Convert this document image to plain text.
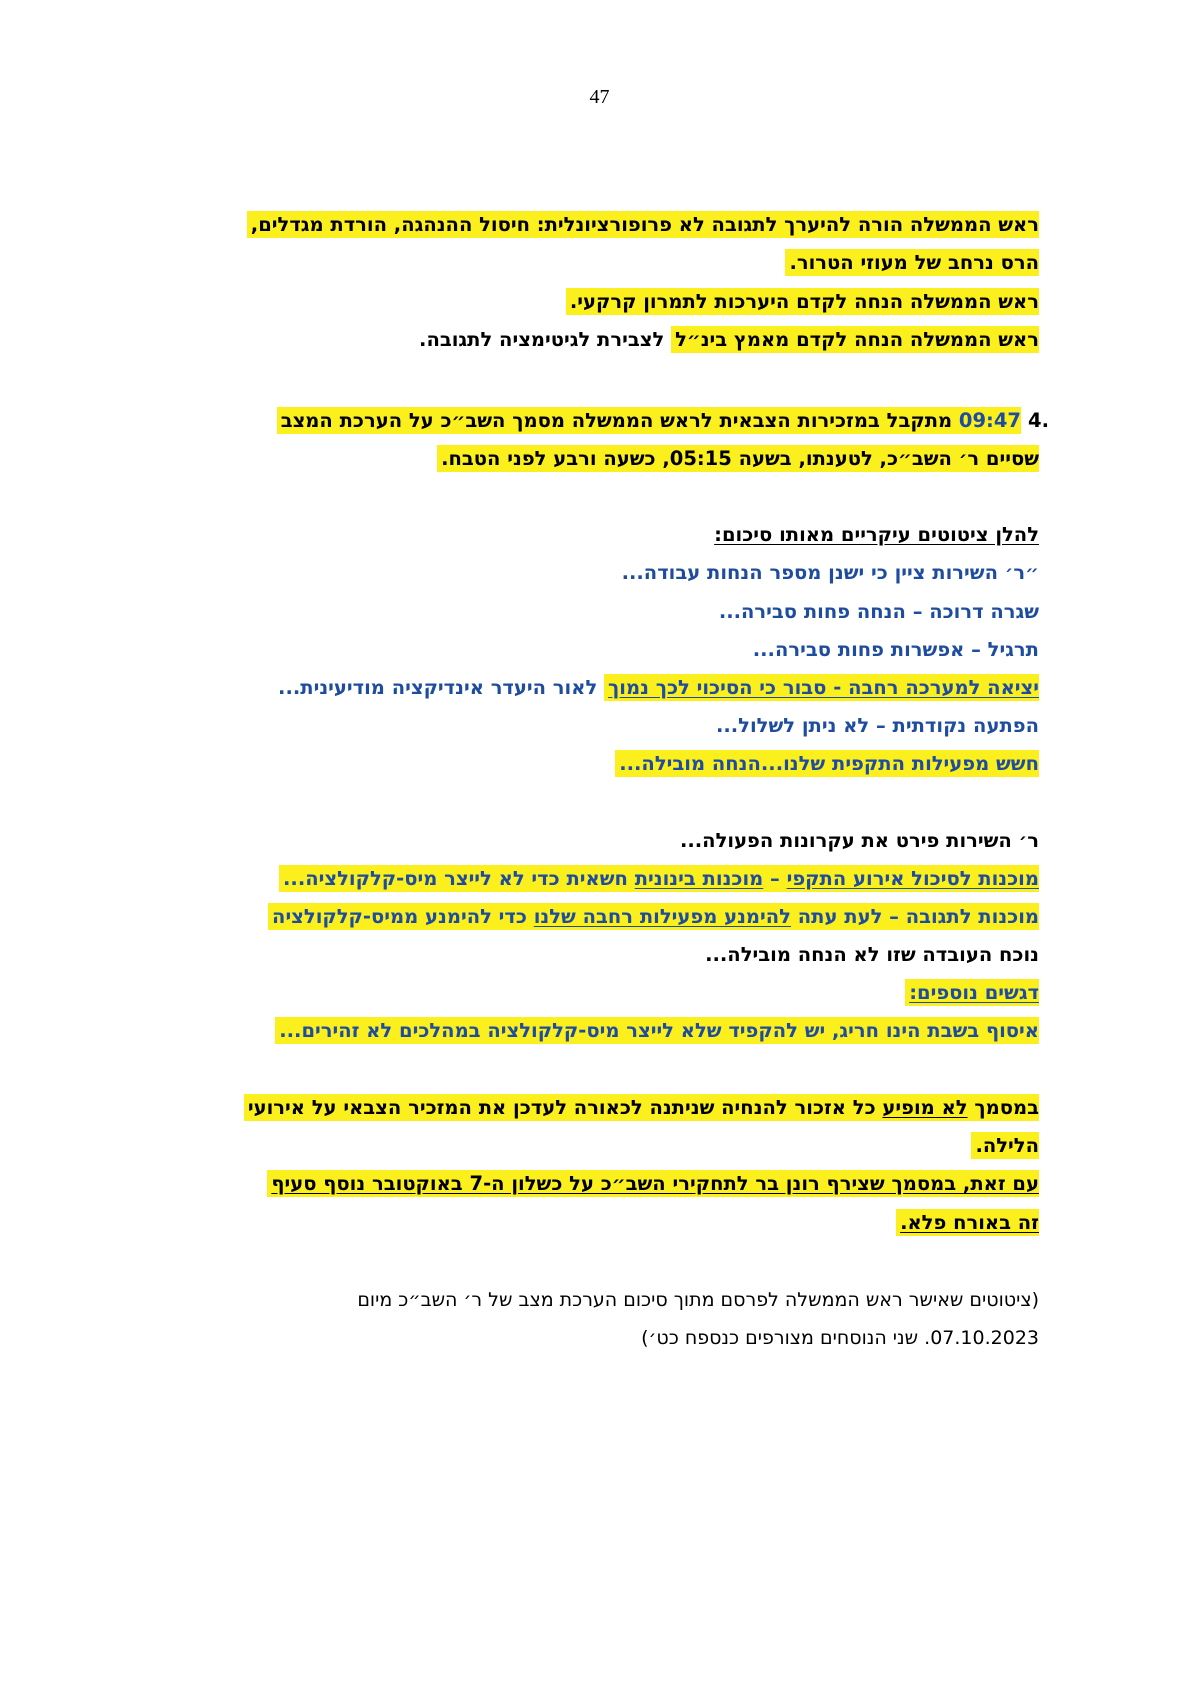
47
ראש הממשלה הורה להיערך לתגובה לא פרופורציונלית: חיסול ההנהגה, הורדת מגדלים,
הרס נרחב של מעוזי הטרור.
ראש הממשלה הנחה לקדם היערכות לתמרון קרקעי.
ראש הממשלה הנחה לקדם מאמץ בינ״ל לצבירת לגיטימציה לתגובה.
4.
09:47 מתקבל במזכירות הצבאית לראש הממשלה מסמך השב״כ על הערכת המצב
שסיים ר׳ השב״כ, לטענתו, בשעה 05:15, כשעה ורבע לפני הטבח.
להלן ציטוטים עיקריים מאותו סיכום:
״ר׳ השירות ציין כי ישנן מספר הנחות עבודה...
שגרה דרוכה – הנחה פחות סבירה...
תרגיל – אפשרות פחות סבירה...
יציאה למערכה רחבה - סבור כי הסיכוי לכך נמוך לאור היעדר אינדיקציה מודיעינית...
הפתעה נקודתית – לא ניתן לשלול...
חשש מפעילות התקפית שלנו...הנחה מובילה...
ר׳ השירות פירט את עקרונות הפעולה...
מוכנות לסיכול אירוע התקפי – מוכנות בינונית חשאית כדי לא לייצר מיס-קלקולציה...
מוכנות לתגובה – לעת עתה להימנע מפעילות רחבה שלנו כדי להימנע ממיס-קלקולציה
נוכח העובדה שזו לא הנחה מובילה...
דגשים נוספים:
איסוף בשבת הינו חריג, יש להקפיד שלא לייצר מיס-קלקולציה במהלכים לא זהירים...
במסמך לא מופיע כל אזכור להנחיה שניתנה לכאורה לעדכן את המזכיר הצבאי על אירועי
הלילה.
עם זאת, במסמך שצירף רונן בר לתחקירי השב״כ על כשלון ה-7 באוקטובר נוסף סעיף
זה באורח פלא.
(ציטוטים שאישר ראש הממשלה לפרסם מתוך סיכום הערכת מצב של ר׳ השב״כ מיום
07.10.2023. שני הנוסחים מצורפים כנספח כט׳)
